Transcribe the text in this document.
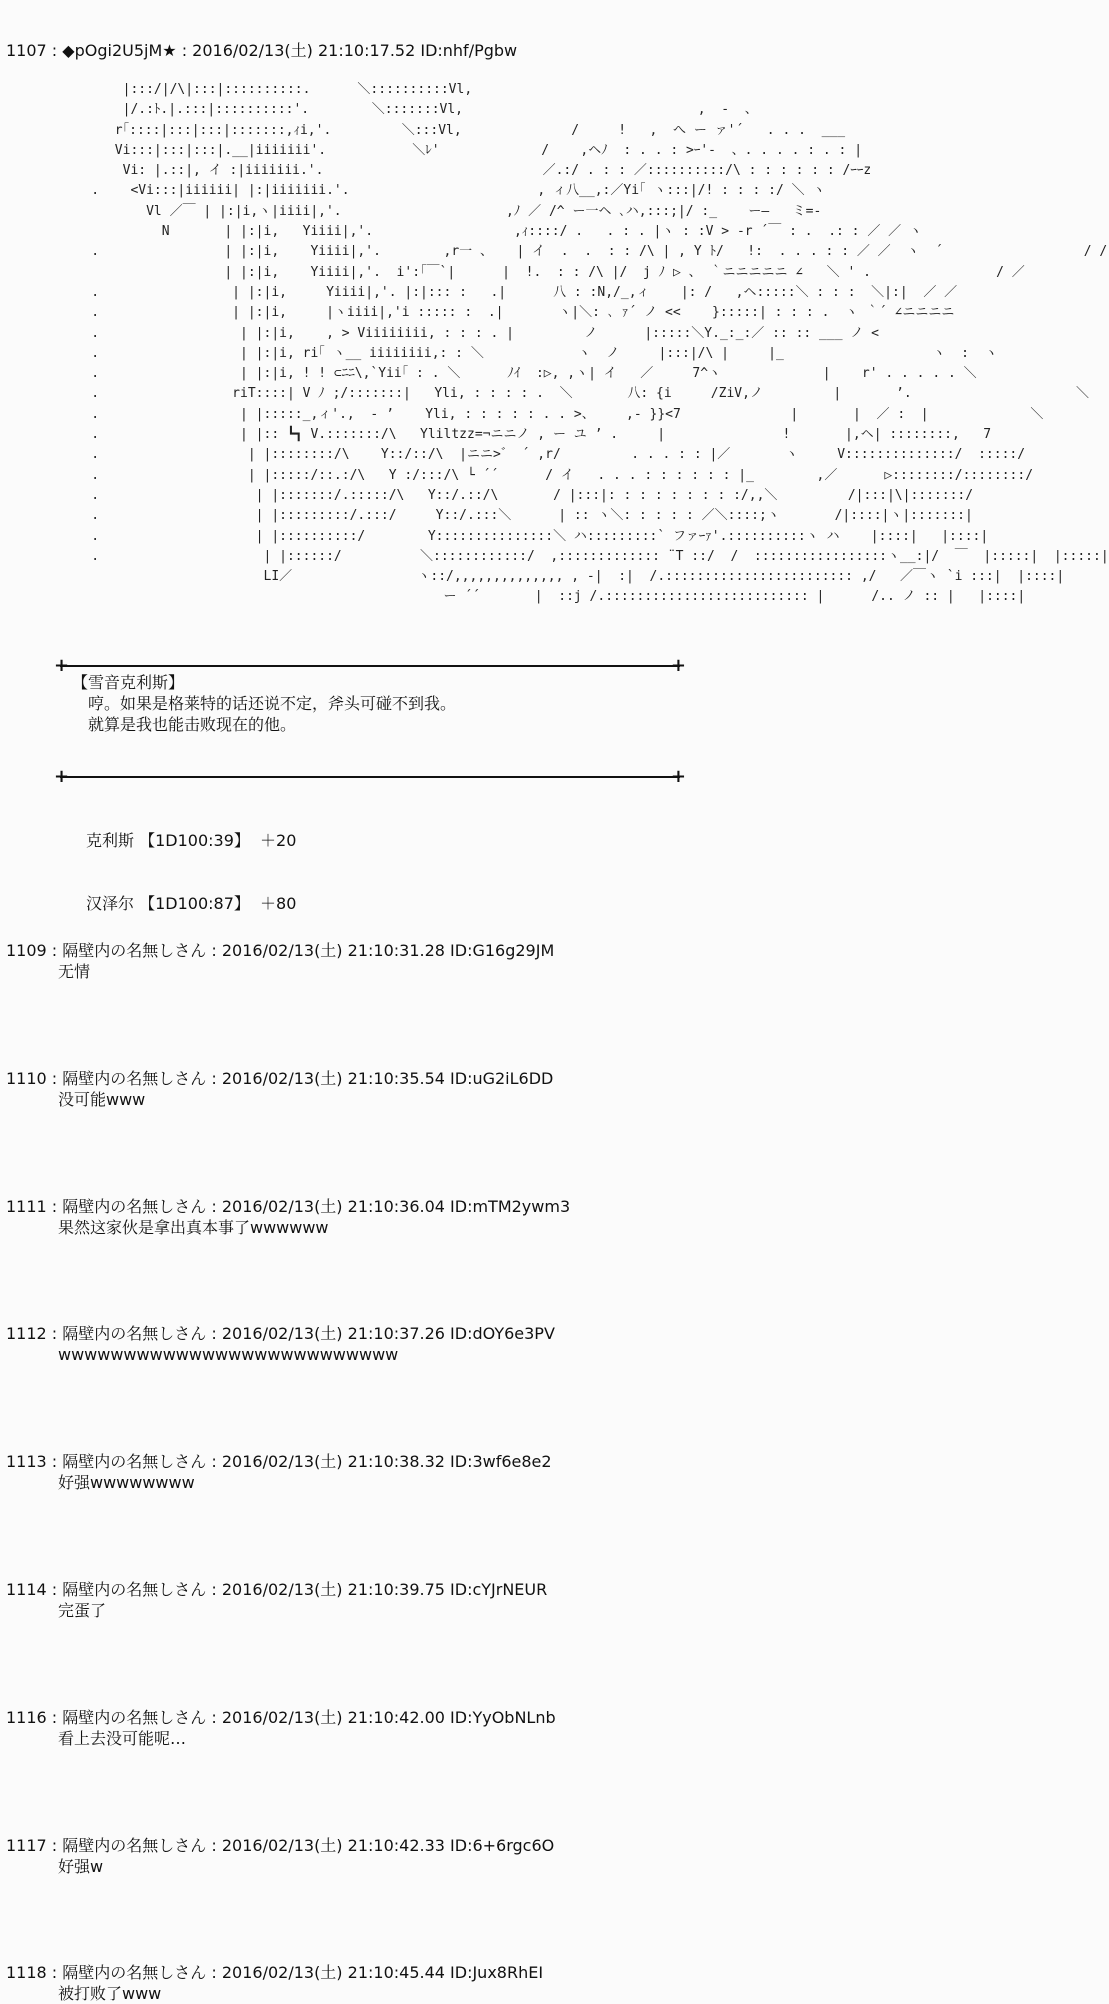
1107 : ◆pOgi2U5jM★ : 2016/02/13(土) 21:10:17.52 ID:nhf/Pgbw
|:::/|/\|:::|::::::::::.      ＼::::::::::Vl,
|/.:ﾄ.|.:::|::::::::::'.        ＼:::::::Vl,                              ,  -  、
r｢::::|:::|:::|:::::::,ｨi,'.         ＼:::Vl,              /     !   ,  へ ー ァ'´   . . .  ___
Vi:::|:::|:::|.__|iiiiiii'.           ＼ﾚ'             /    ,ヘﾉ  : . . : >ｰ'-  、. . . . : . : |
Vi: |.::|, イ :|iiiiiii.'.                            ／.:/ . : : ／::::::::::/\ : : : : : : /ｰｰz
.    <Vi:::|iiiiii| |:|iiiiiii.'.                        , ィ八__,:／Yi｢ ヽ:::|/! : : : :/ ＼ ヽ
Vl ／￣ | |:|i,ヽ|iiii|,'.                     ,ﾉ ／ /^ ー一ヘ ､ハ,:::;|/ :_    ー―   ミ=-
N       | |:|i,   Yiiii|,'.                  ,ｨ::::/ .   . : . |ヽ : :V > ‐r ´￣ : .  .: : ／ ／ ヽ
.                | |:|i,    Yiiii|,'.        ,r一 、   | イ  .  .  : : /\ | , Y ﾄ/   !:  . . . : : ／ ／  ヽ  ´                  / /
| |:|i,    Yiiii|,'.  i':｢￣`|      |  !.  : : /\ |/  j ﾉ ▷ 、 ｀ニニニニニ ∠   ＼ ' .                / ／
.                 | |:|i,     Yiiii|,'. |:|::: :   .|      八 : :N,/_,ィ    |: /   ,ヘ:::::＼ : : :  ＼|:|  ／ ／
.                 | |:|i,     |ヽiiii|,'i ::::: :  .|       ヽ|＼: ､ ｧ´ ノ <<    }:::::| : : : .  ヽ ｀´ ∠ニニニニ
.                  | |:|i,    , > Viiiiiiii, : : : . |         ノ      |:::::＼Y._:_:／ :: :: ___ ノ <
.                  | |:|i, ri｢ ヽ__ iiiiiiii,: : ＼            ヽ  ノ     |:::|/\ |     |_                   ヽ  :  ヽ
.                  | |:|i, ! ! ⊂ﾆﾆ\,`Yii｢ : . ＼      ﾉｲ  :▷, ,ヽ| イ   ／     7^ヽ             |    r' . . . . . ＼
.                 riT::::| V ﾉ ;/:::::::|   Yli, : : : : .  ＼       八: {i     /ZiV,ノ         |       ’.                     ＼
.                  | |:::::_,ィ'.,  ‐ ’    Yli, : : : : : . . >、    ,‐ }}<7              |       |  ／ :  |             ＼
.                  | |:: ┗┓ V.:::::::/\   Yliltzz=¬ニニノ , ー ユ ’ .     |               !       |,ヘ| ::::::::,   7
.                   | |::::::::/\    Y::/::/\  |ニニ>゛ ´ ,r/         . . . : : |／       ヽ     V::::::::::::::/  :::::/
.                   | |:::::/::.:/\   Y :/:::/\ └ ´´      / イ   . . . : : : : : : |_        ,／      ▷::::::::/::::::::/
.                    | |:::::::/.:::::/\   Y::/.::/\       / |:::|: : : : : : : : :/,,＼         /|:::|\|:::::::/
.                    | |:::::::::/.:::/     Y::/.:::＼      | :: ヽ＼: : : : : ／＼::::;ヽ       /|::::|ヽ|:::::::|
.                    | |::::::::::/        Y:::::::::::::::＼ ハ:::::::::` ファｰｧ'.::::::::::ヽ ハ    |::::|   |::::|
.                     | |::::::/          ＼::::::::::::/  ,::::::::::::: ¨T ::/  /  :::::::::::::::::ヽ__:|/  ￣  |:::::|  |:::::|
LI／                ヽ::/,,,,,,,,,,,,,, , -|  :|  /.:::::::::::::::::::::::: ,/   ／￣ヽ `i :::|  |::::|
ー ´´       |  ::j /.:::::::::::::::::::::::::: |      /.. ノ :: |   |::::|
+	+
【雪音克利斯】
哼。如果是格莱特的话还说不定，斧头可碰不到我。
就算是我也能击败现在的他。
+	+

克利斯 【1D100:39】  ＋20

汉泽尔 【1D100:87】  ＋80

1109 : 隔壁内の名無しさん : 2016/02/13(土) 21:10:31.28 ID:G16g29JM
无情
1110 : 隔壁内の名無しさん : 2016/02/13(土) 21:10:35.54 ID:uG2iL6DD
没可能www
1111 : 隔壁内の名無しさん : 2016/02/13(土) 21:10:36.04 ID:mTM2ywm3
果然这家伙是拿出真本事了wwwwww
1112 : 隔壁内の名無しさん : 2016/02/13(土) 21:10:37.26 ID:dOY6e3PV
wwwwwwwwwwwwwwwwwwwwwwwwww
1113 : 隔壁内の名無しさん : 2016/02/13(土) 21:10:38.32 ID:3wf6e8e2
好强wwwwwwww
1114 : 隔壁内の名無しさん : 2016/02/13(土) 21:10:39.75 ID:cYJrNEUR
完蛋了
1116 : 隔壁内の名無しさん : 2016/02/13(土) 21:10:42.00 ID:YyObNLnb
看上去没可能呢…
1117 : 隔壁内の名無しさん : 2016/02/13(土) 21:10:42.33 ID:6+6rgc6O
好强w
1118 : 隔壁内の名無しさん : 2016/02/13(土) 21:10:45.44 ID:Jux8RhEI
被打败了www
